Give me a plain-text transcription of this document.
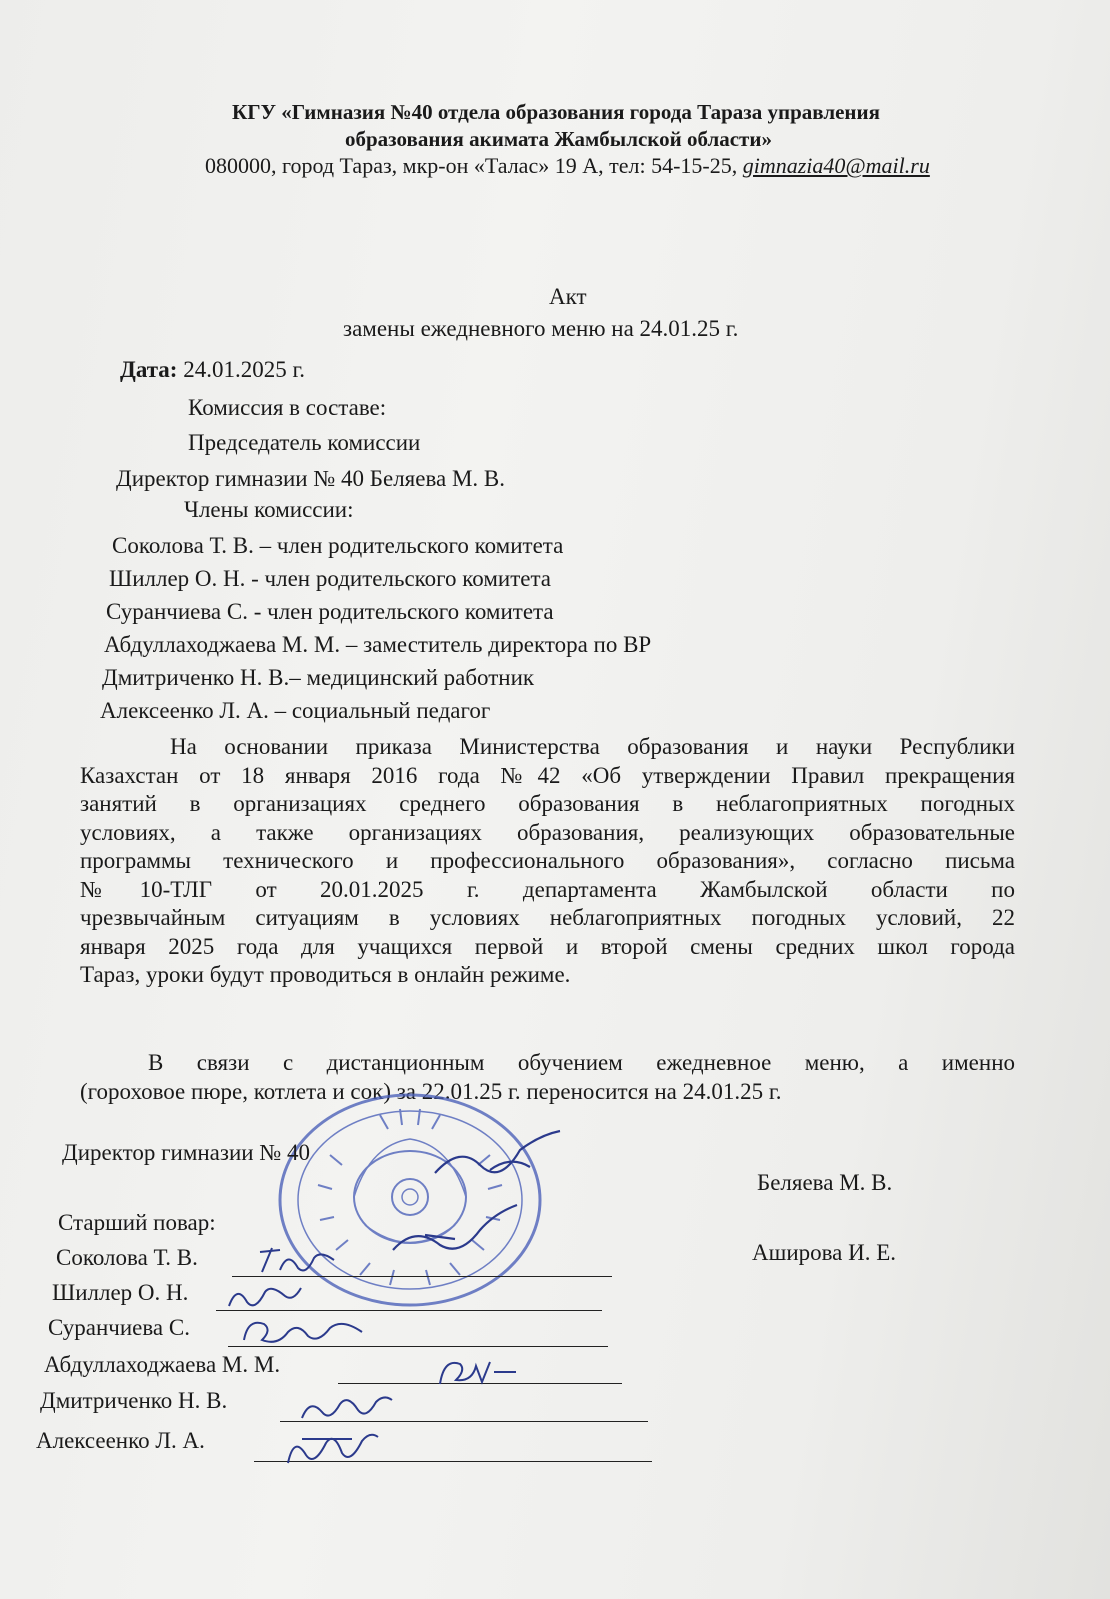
КГУ «Гимназия №40 отдела образования города Тараза управления
образования акимата Жамбылской области»
080000, город Тараз, мкр-он «Талас» 19 А, тел: 54-15-25, gimnazia40@mail.ru
Акт
замены ежедневного меню на 24.01.25 г.
Дата: 24.01.2025 г.
Комиссия в составе:
Председатель комиссии
Директор гимназии № 40 Беляева М. В.
Члены комиссии:
Соколова Т. В. – член родительского комитета
Шиллер О. Н. - член родительского комитета
Суранчиева С. - член родительского комитета
Абдуллаходжаева М. М. – заместитель директора по ВР
Дмитриченко Н. В.– медицинский работник
Алексеенко Л. А. – социальный педагог
На основании приказа Министерства образования и науки Республики
Казахстан от 18 января 2016 года №42 «Об утверждении Правил прекращения
занятий в организациях среднего образования в неблагоприятных погодных
условиях, а также организациях образования, реализующих образовательные
программы технического и профессионального образования», согласно письма
№10-ТЛГ от 20.01.2025 г. департамента Жамбылской области по
чрезвычайным ситуациям в условиях неблагоприятных погодных условий, 22
января 2025 года для учащихся первой и второй смены средних школ города
Тараз, уроки будут проводиться в онлайн режиме.
В связи с дистанционным обучением ежедневное меню, а именно
(гороховое пюре, котлета и сок) за 22.01.25 г. переносится на 24.01.25 г.
Директор гимназии № 40
Беляева М. В.
Старший повар:
Аширова И. Е.
Соколова Т. В.
Шиллер О. Н.
Суранчиева С.
Абдуллаходжаева М. М.
Дмитриченко Н. В.
Алексеенко Л. А.
